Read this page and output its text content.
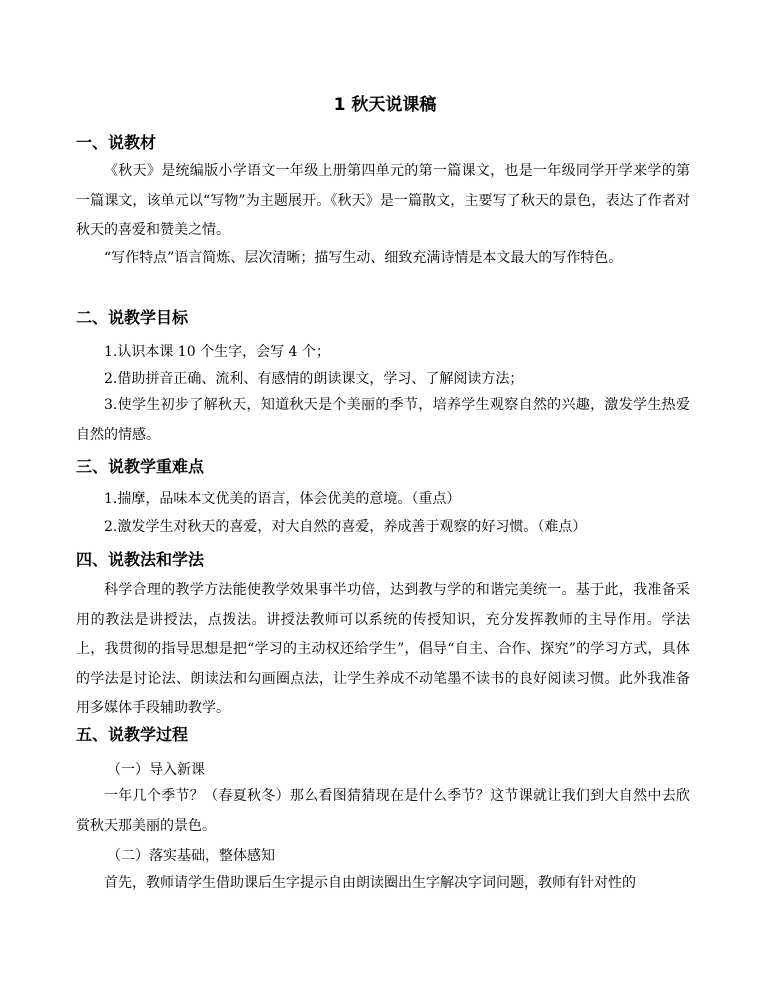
1 秋天说课稿
一、说教材
《秋天》是统编版小学语文一年级上册第四单元的第一篇课文，也是一年级同学开学来学的第一篇课文，该单元以“写物”为主题展开。《秋天》是一篇散文，主要写了秋天的景色，表达了作者对秋天的喜爱和赞美之情。
“写作特点”语言简炼、层次清晰；描写生动、细致充满诗情是本文最大的写作特色。
二、说教学目标
1.认识本课 10 个生字，会写 4 个；
2.借助拼音正确、流利、有感情的朗读课文，学习、了解阅读方法；
3.使学生初步了解秋天，知道秋天是个美丽的季节，培养学生观察自然的兴趣，激发学生热爱自然的情感。
三、说教学重难点
1.揣摩，品味本文优美的语言，体会优美的意境。（重点）
2.激发学生对秋天的喜爱，对大自然的喜爱，养成善于观察的好习惯。（难点）
四、说教法和学法
科学合理的教学方法能使教学效果事半功倍，达到教与学的和谐完美统一。基于此，我准备采用的教法是讲授法，点拨法。讲授法教师可以系统的传授知识，充分发挥教师的主导作用。学法上，我贯彻的指导思想是把“学习的主动权还给学生”，倡导“自主、合作、探究”的学习方式，具体的学法是讨论法、朗读法和勾画圈点法，让学生养成不动笔墨不读书的良好阅读习惯。此外我准备用多媒体手段辅助教学。
五、说教学过程
（一）导入新课
一年几个季节？（春夏秋冬）那么看图猜猜现在是什么季节？这节课就让我们到大自然中去欣赏秋天那美丽的景色。
（二）落实基础，整体感知
首先，教师请学生借助课后生字提示自由朗读圈出生字解决字词问题，教师有针对性的
